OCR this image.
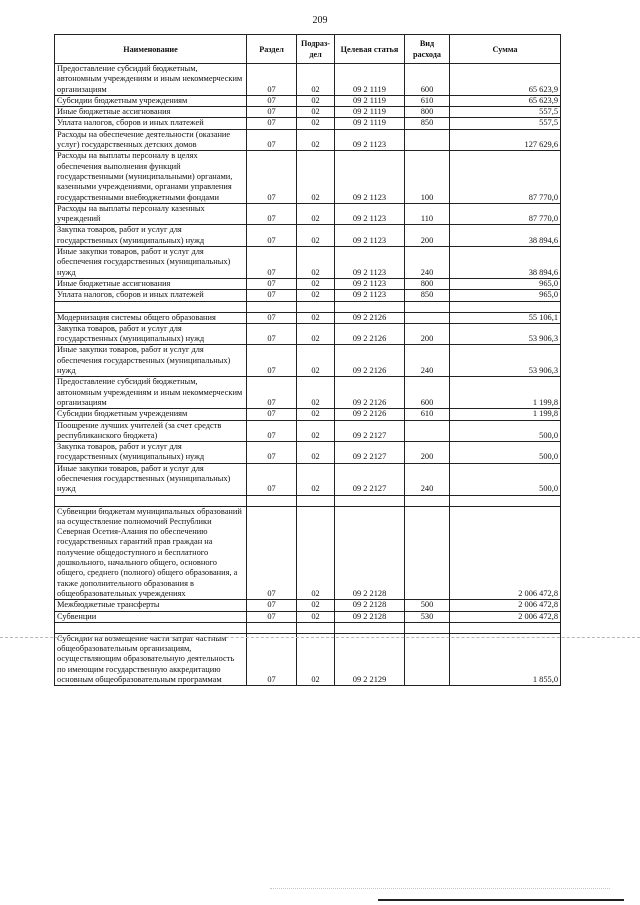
209
Наименование	Раздел	Подраз-дел	Целевая статья	Вид расхода	Сумма
Предоставление субсидий бюджетным, автономным учреждениям и иным некоммерческим организациям	07	02	09 2 1119	600	65 623,9
Субсидии бюджетным учреждениям	07	02	09 2 1119	610	65 623,9
Иные бюджетные ассигнования	07	02	09 2 1119	800	557,5
Уплата налогов, сборов и иных платежей	07	02	09 2 1119	850	557,5
Расходы на обеспечение деятельности (оказание услуг) государственных детских домов	07	02	09 2 1123		127 629,6
Расходы на выплаты персоналу в целях обеспечения выполнения функций государственными (муниципальными) органами, казенными учреждениями, органами управления государственными внебюджетными фондами	07	02	09 2 1123	100	87 770,0
Расходы на выплаты персоналу казенных учреждений	07	02	09 2 1123	110	87 770,0
Закупка товаров, работ и услуг для государственных (муниципальных) нужд	07	02	09 2 1123	200	38 894,6
Иные закупки товаров, работ и услуг для обеспечения государственных (муниципальных) нужд	07	02	09 2 1123	240	38 894,6
Иные бюджетные ассигнования	07	02	09 2 1123	800	965,0
Уплата налогов, сборов и иных платежей	07	02	09 2 1123	850	965,0

Модернизация системы общего образования	07	02	09 2 2126		55 106,1
Закупка товаров, работ и услуг для государственных (муниципальных) нужд	07	02	09 2 2126	200	53 906,3
Иные закупки товаров, работ и услуг для обеспечения государственных (муниципальных) нужд	07	02	09 2 2126	240	53 906,3
Предоставление субсидий бюджетным, автономным учреждениям и иным некоммерческим организациям	07	02	09 2 2126	600	1 199,8
Субсидии бюджетным учреждениям	07	02	09 2 2126	610	1 199,8
Поощрение лучших учителей (за счет средств республиканского бюджета)	07	02	09 2 2127		500,0
Закупка товаров, работ и услуг для государственных (муниципальных) нужд	07	02	09 2 2127	200	500,0
Иные закупки товаров, работ и услуг для обеспечения государственных (муниципальных) нужд	07	02	09 2 2127	240	500,0

Субвенции бюджетам муниципальных образований на осуществление полномочий Республики Северная Осетия-Алания по обеспечению государственных гарантий прав граждан на получение общедоступного и бесплатного дошкольного, начального общего, основного общего, среднего (полного) общего образования, а также дополнительного образования в общеобразовательных учреждениях	07	02	09 2 2128		2 006 472,8
Межбюджетные трансферты	07	02	09 2 2128	500	2 006 472,8
Субвенции	07	02	09 2 2128	530	2 006 472,8

Субсидии на возмещение части затрат частным общеобразовательным организациям, осуществляющим образовательную деятельность по имеющим государственную аккредитацию основным общеобразовательным программам	07	02	09 2 2129		1 855,0
